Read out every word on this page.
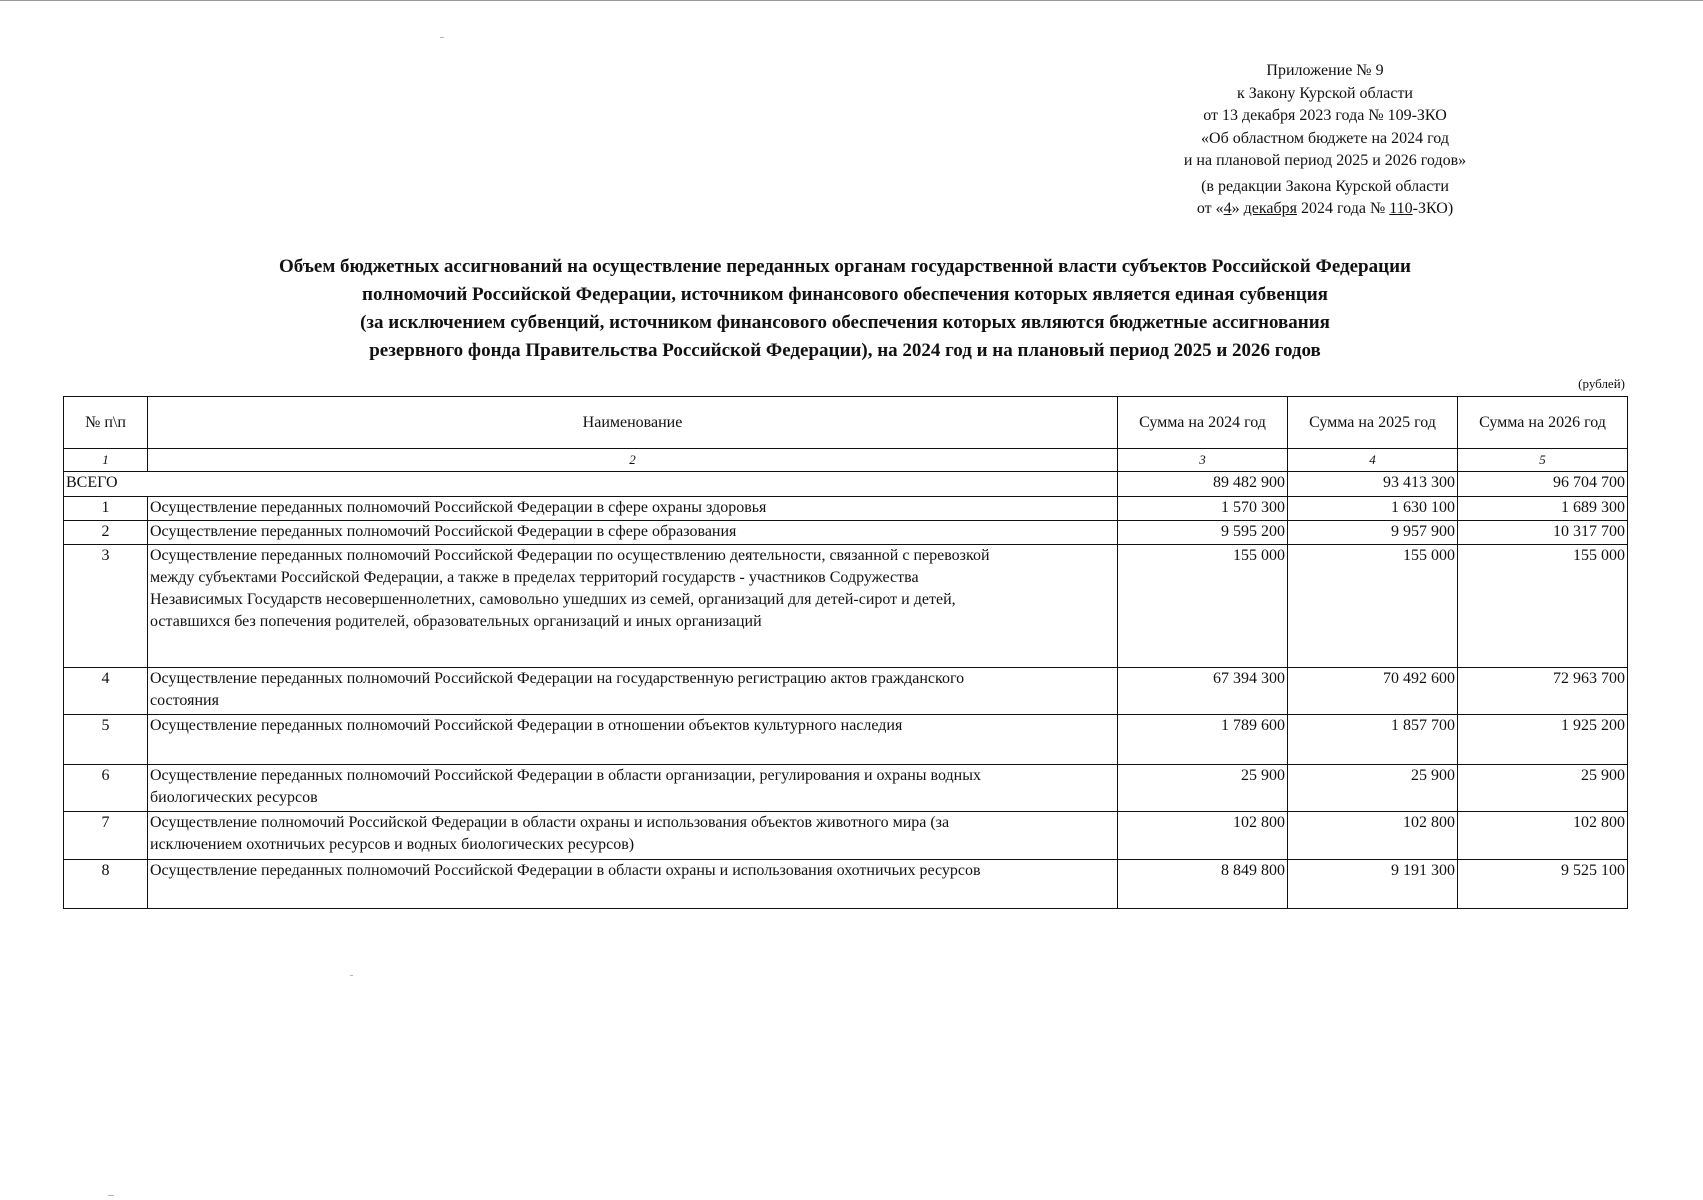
Приложение № 9
к Закону Курской области
от 13 декабря 2023 года № 109-ЗКО
«Об областном бюджете на 2024 год
и на плановой период 2025 и 2026 годов»
(в редакции Закона Курской области
от «4» декабря 2024 года № 110-ЗКО)
Объем бюджетных ассигнований на осуществление переданных органам государственной власти субъектов Российской Федерации
полномочий Российской Федерации, источником финансового обеспечения которых является единая субвенция
(за исключением субвенций, источником финансового обеспечения которых являются бюджетные ассигнования
резервного фонда Правительства Российской Федерации), на 2024 год и на плановый период 2025 и 2026 годов
(рублей)
№ п\п	Наименование	Сумма на 2024 год	Сумма на 2025 год	Сумма на 2026 год
1	2	3	4	5
ВСЕГО		89 482 900	93 413 300	96 704 700
1	Осуществление переданных полномочий Российской Федерации в сфере охраны здоровья	1 570 300	1 630 100	1 689 300
2	Осуществление переданных полномочий Российской Федерации в сфере образования	9 595 200	9 957 900	10 317 700
3	Осуществление переданных полномочий Российской Федерации по осуществлению деятельности, связанной с перевозкой
между субъектами Российской Федерации, а также в пределах территорий государств - участников Содружества
Независимых Государств несовершеннолетних, самовольно ушедших из семей, организаций для детей-сирот и детей,
оставшихся без попечения родителей, образовательных организаций и иных организаций	155 000	155 000	155 000
4	Осуществление переданных полномочий Российской Федерации на государственную регистрацию актов гражданского
состояния	67 394 300	70 492 600	72 963 700
5	Осуществление переданных полномочий Российской Федерации в отношении объектов культурного наследия	1 789 600	1 857 700	1 925 200
6	Осуществление переданных полномочий Российской Федерации в области организации, регулирования и охраны водных
биологических ресурсов	25 900	25 900	25 900
7	Осуществление полномочий Российской Федерации в области охраны и использования объектов животного мира (за
исключением охотничьих ресурсов и водных биологических ресурсов)	102 800	102 800	102 800
8	Осуществление переданных полномочий Российской Федерации в области охраны и использования охотничьих ресурсов	8 849 800	9 191 300	9 525 100
